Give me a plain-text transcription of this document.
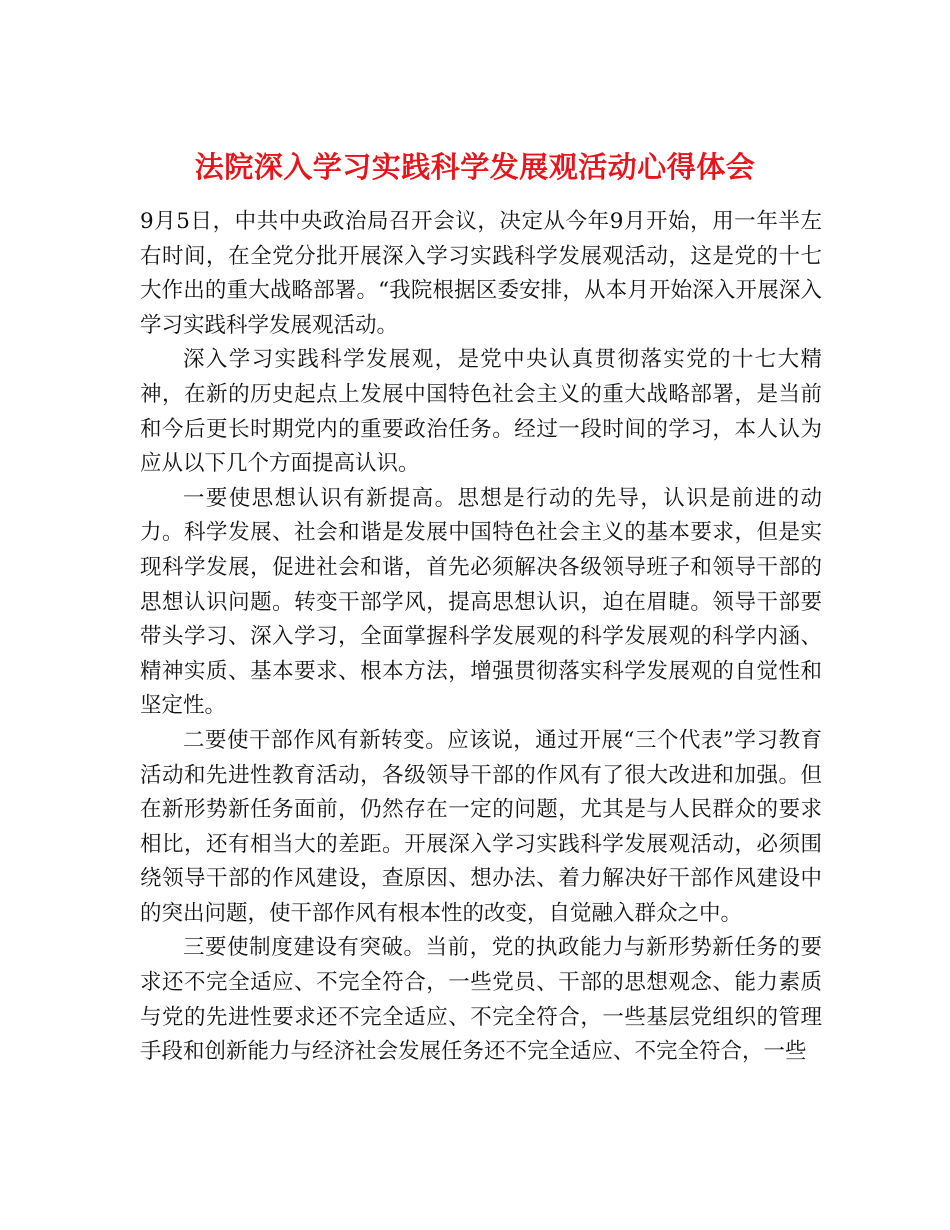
法院深入学习实践科学发展观活动心得体会

9月5日，中共中央政治局召开会议，决定从今年9月开始，用一年半左右时间，在全党分批开展深入学习实践科学发展观活动，这是党的十七大作出的重大战略部署。“我院根据区委安排，从本月开始深入开展深入学习实践科学发展观活动。

深入学习实践科学发展观，是党中央认真贯彻落实党的十七大精神，在新的历史起点上发展中国特色社会主义的重大战略部署，是当前和今后更长时期党内的重要政治任务。经过一段时间的学习，本人认为应从以下几个方面提高认识。

一要使思想认识有新提高。思想是行动的先导，认识是前进的动力。科学发展、社会和谐是发展中国特色社会主义的基本要求，但是实现科学发展，促进社会和谐，首先必须解决各级领导班子和领导干部的思想认识问题。转变干部学风，提高思想认识，迫在眉睫。领导干部要带头学习、深入学习，全面掌握科学发展观的科学发展观的科学内涵、精神实质、基本要求、根本方法，增强贯彻落实科学发展观的自觉性和坚定性。

二要使干部作风有新转变。应该说，通过开展“三个代表”学习教育活动和先进性教育活动，各级领导干部的作风有了很大改进和加强。但在新形势新任务面前，仍然存在一定的问题，尤其是与人民群众的要求相比，还有相当大的差距。开展深入学习实践科学发展观活动，必须围绕领导干部的作风建设，查原因、想办法、着力解决好干部作风建设中的突出问题，使干部作风有根本性的改变，自觉融入群众之中。

三要使制度建设有突破。当前，党的执政能力与新形势新任务的要求还不完全适应、不完全符合，一些党员、干部的思想观念、能力素质与党的先进性要求还不完全适应、不完全符合，一些基层党组织的管理手段和创新能力与经济社会发展任务还不完全适应、不完全符合，一些
